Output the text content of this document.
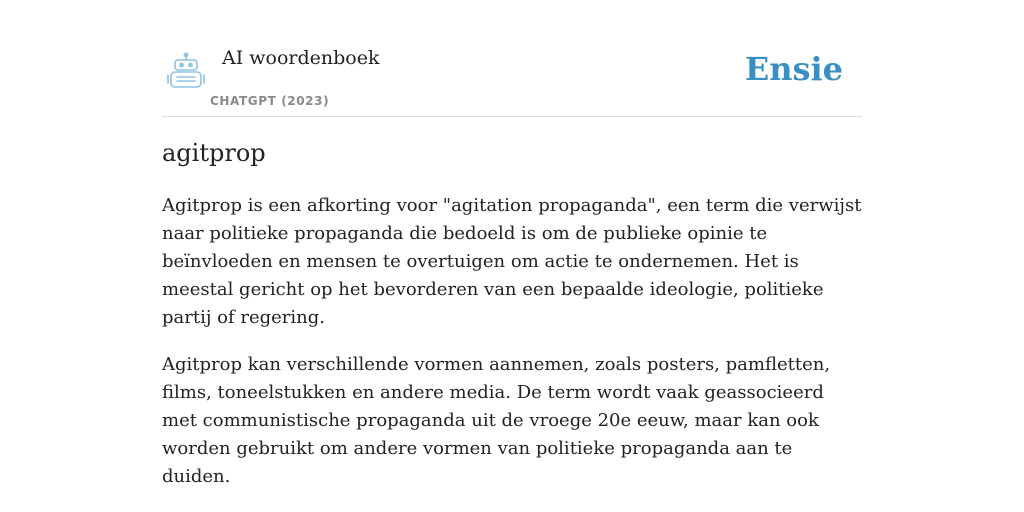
AI woordenboek
CHATGPT (2023)
Ensie
agitprop

Agitprop is een afkorting voor "agitation propaganda", een term die verwijst naar politieke propaganda die bedoeld is om de publieke opinie te beïnvloeden en mensen te overtuigen om actie te ondernemen. Het is meestal gericht op het bevorderen van een bepaalde ideologie, politieke partij of regering.

Agitprop kan verschillende vormen aannemen, zoals posters, pamfletten, films, toneelstukken en andere media. De term wordt vaak geassocieerd met communistische propaganda uit de vroege 20e eeuw, maar kan ook worden gebruikt om andere vormen van politieke propaganda aan te duiden.
